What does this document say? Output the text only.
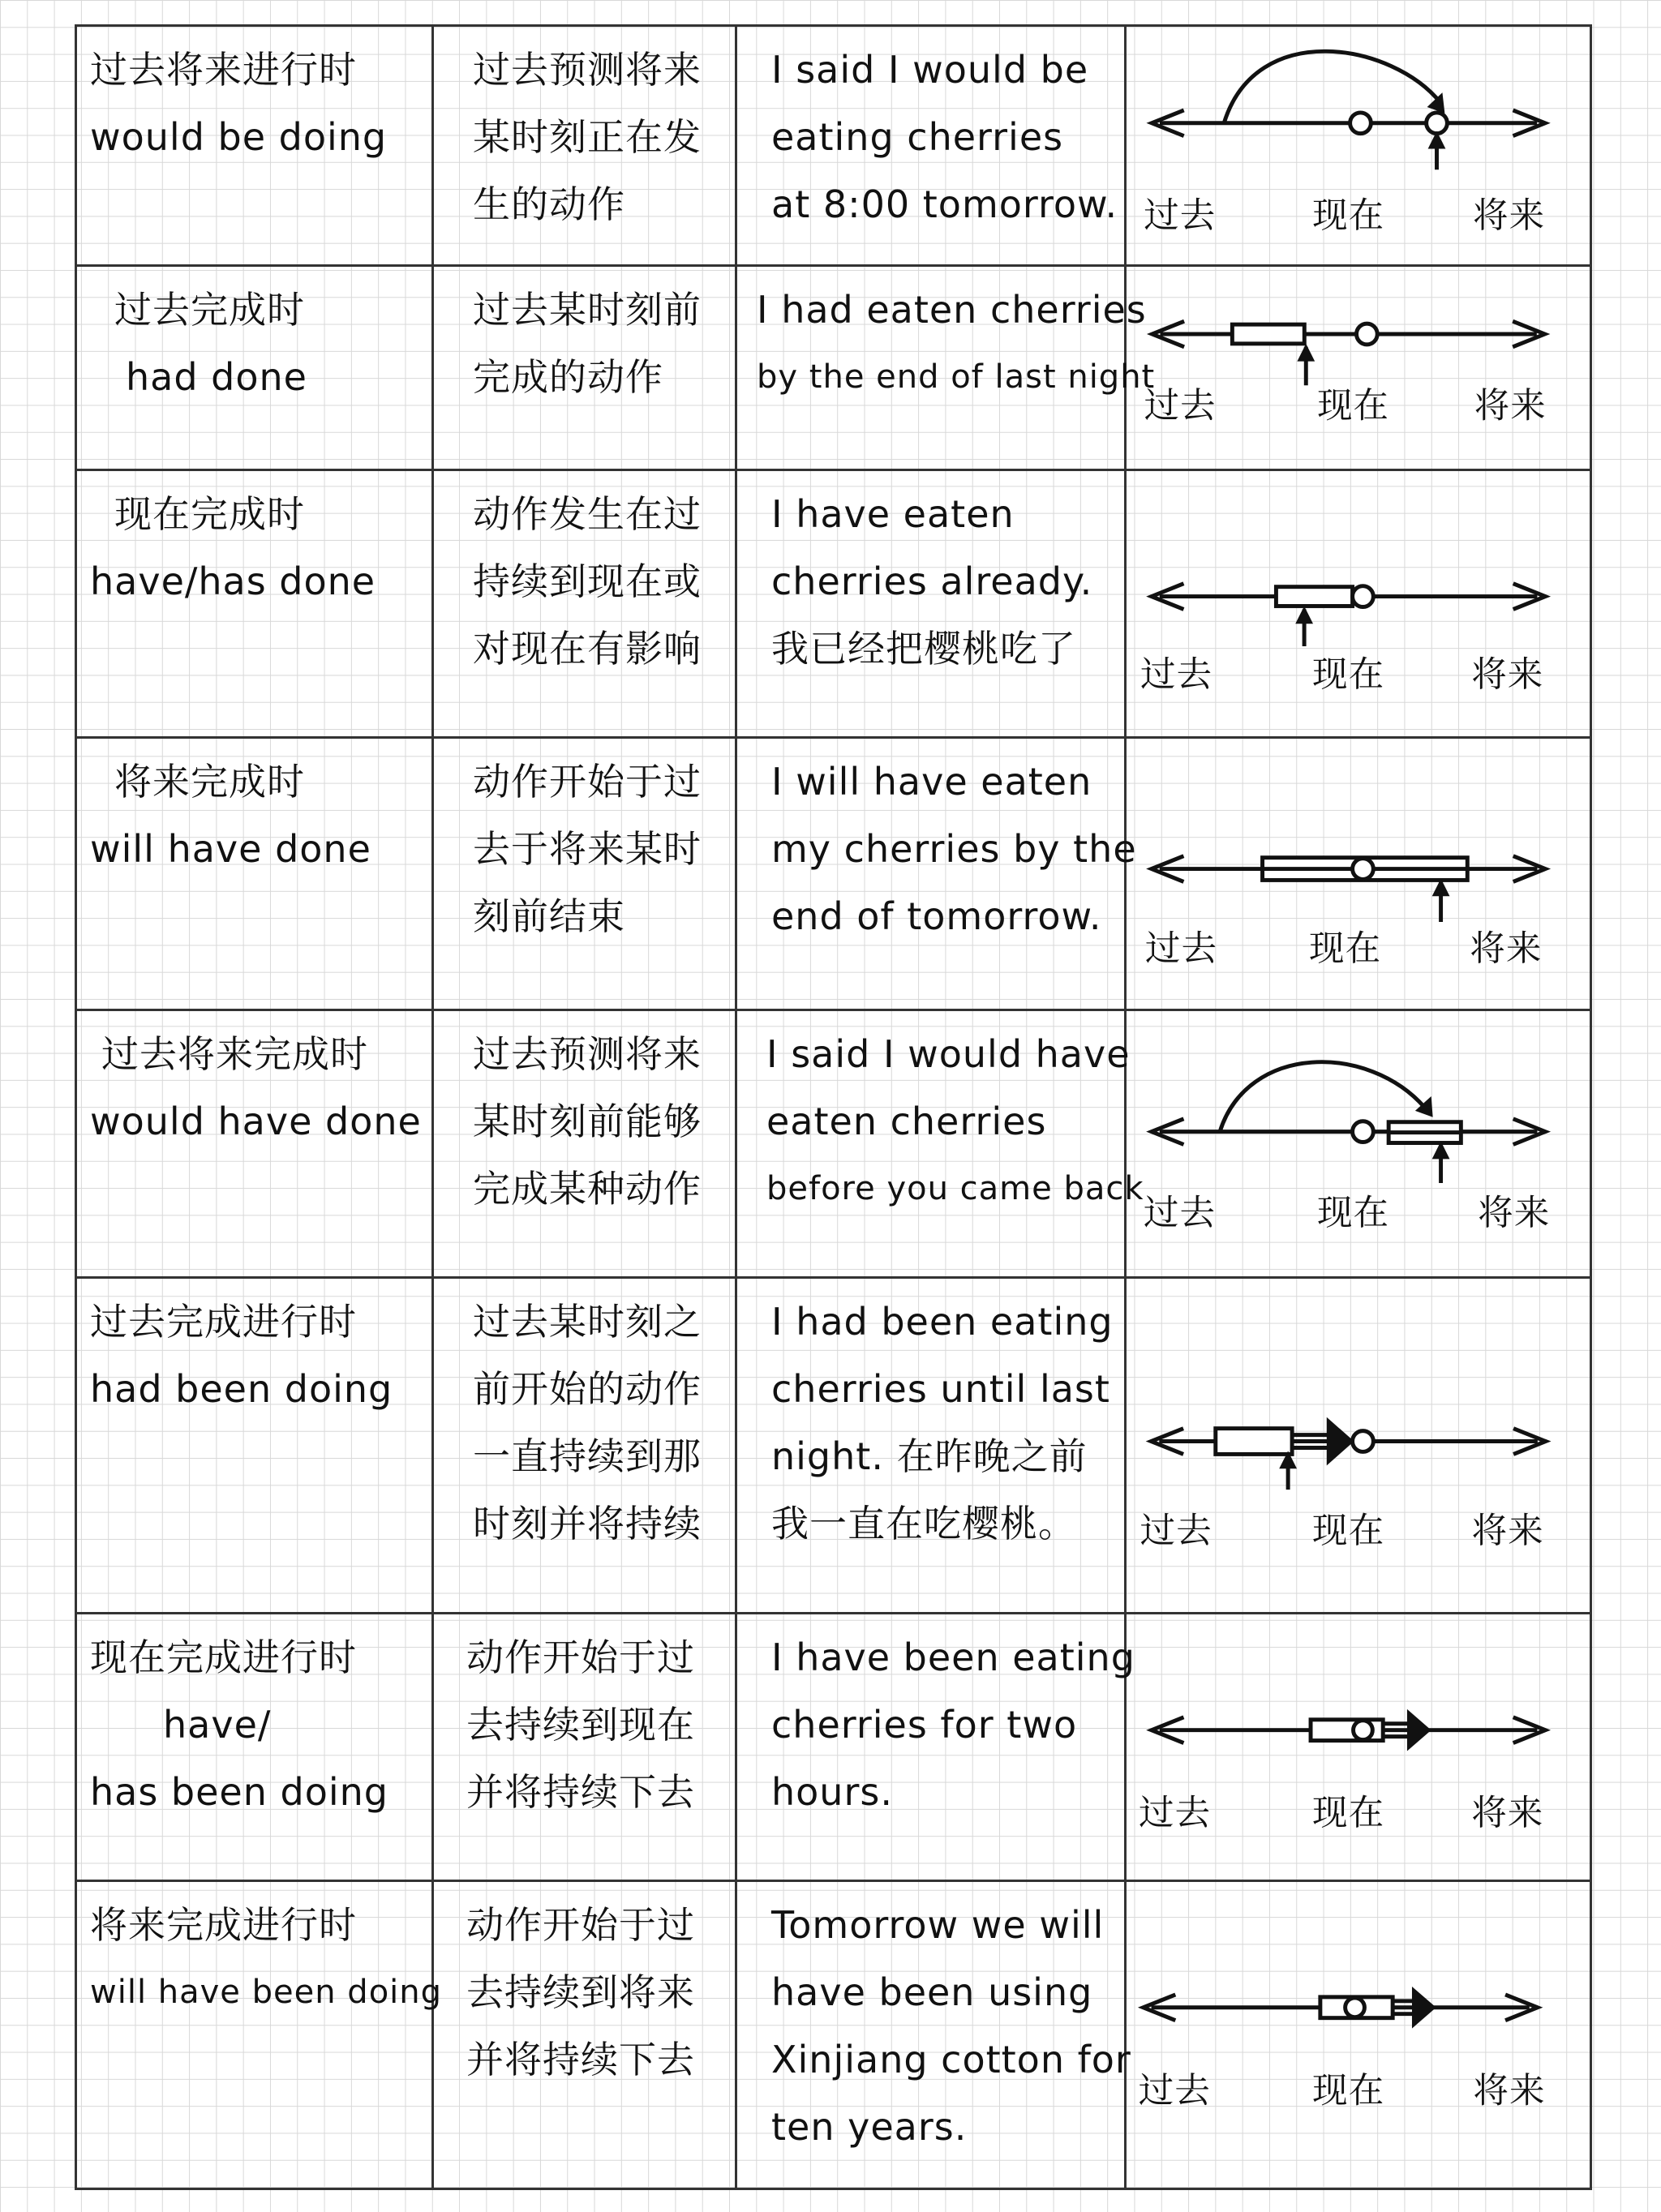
过去将来进行时
would be doing	过去预测将来
某时刻正在发
生的动作	I said I would be
eating cherries
at 8:00 tomorrow.	过去 现在 将来

过去完成时
had done	过去某时刻前
完成的动作	I had eaten cherries
by the end of last night	过去 现在 将来

现在完成时
have/has done	动作发生在过
持续到现在或
对现在有影响	I have eaten
cherries already.
我已经把樱桃吃了	过去 现在 将来

将来完成时
will have done	动作开始于过
去于将来某时
刻前结束	I will have eaten
my cherries by the
end of tomorrow.	过去 现在 将来

过去将来完成时
would have done	过去预测将来
某时刻前能够
完成某种动作	I said I would have
eaten cherries
before you came back	过去 现在 将来

过去完成进行时
had been doing	过去某时刻之
前开始的动作
一直持续到那
时刻并将持续	I had been eating
cherries until last
night. 在昨晚之前
我一直在吃樱桃。	过去 现在 将来

现在完成进行时
have/
has been doing	动作开始于过
去持续到现在
并将持续下去	I have been eating
cherries for two
hours.	过去 现在 将来

将来完成进行时
will have been doing	动作开始于过
去持续到将来
并将持续下去	Tomorrow we will
have been using
Xinjiang cotton for
ten years.	过去 现在 将来
